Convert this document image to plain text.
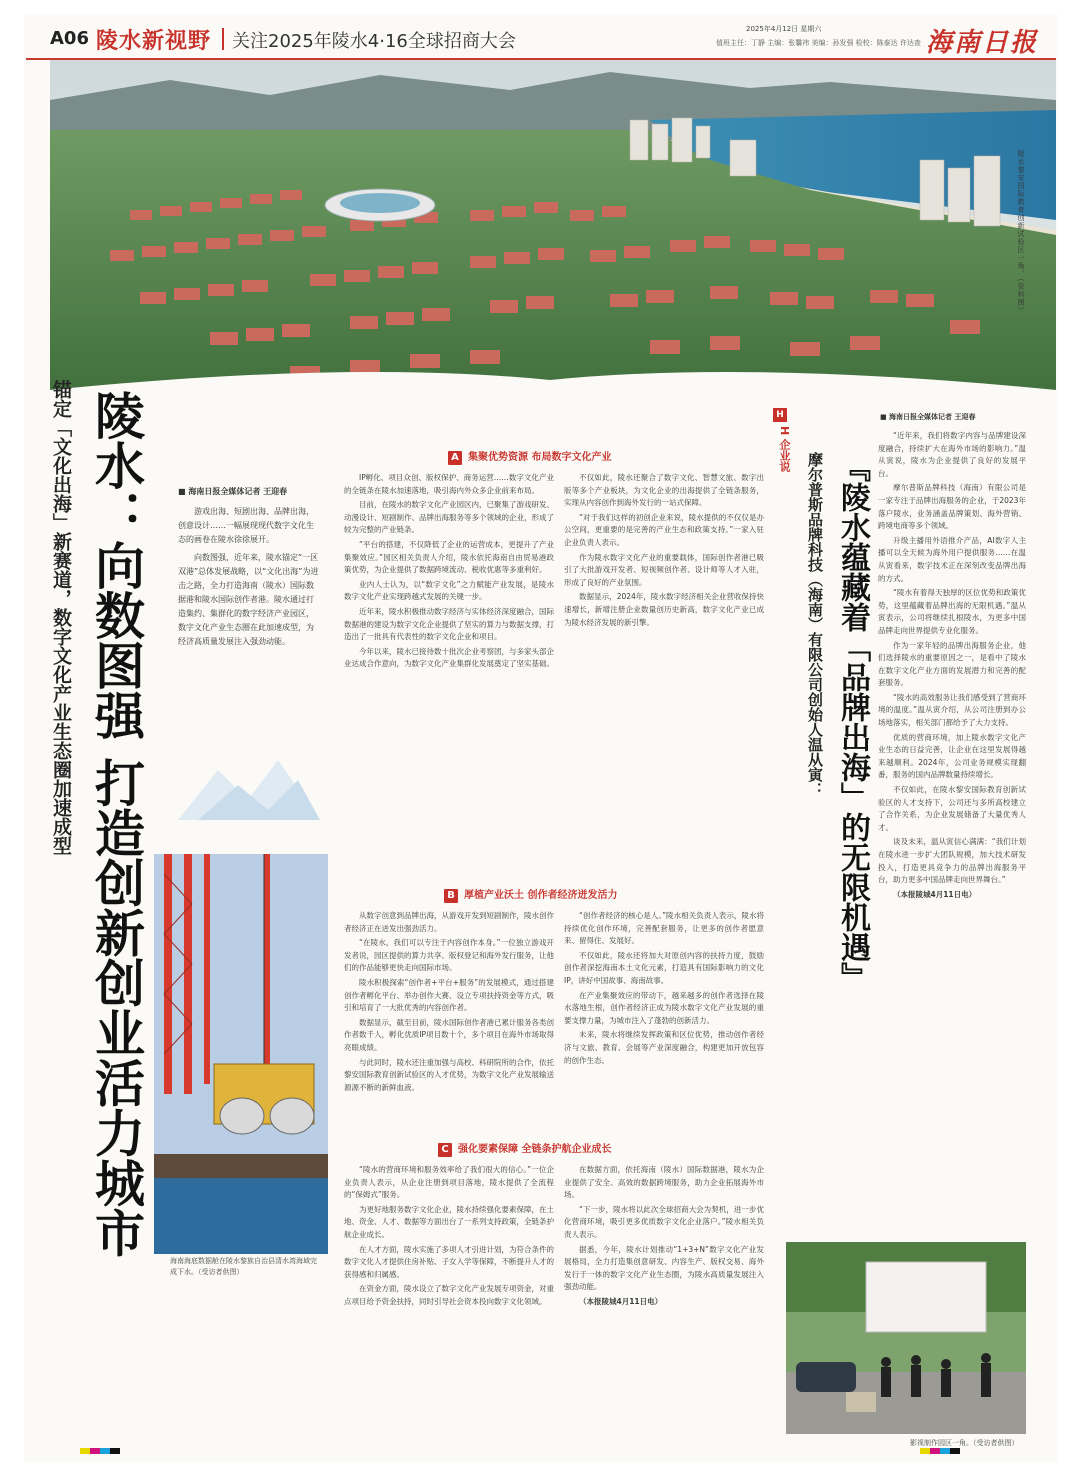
A06 陵水新视野 关注2025年陵水4·16全球招商大会
2025年4月12日 星期六
值班主任：丁静 主编：张馨祎 美编：孙发强 检校：陈泰达 许达查 海南日报
陵水黎安国际教育创新试验区一角。（资料图）
陵水：向数图强 打造创新创业活力城市
锚定「文化出海」新赛道，数字文化产业生态圈加速成型	■ 海南日报全媒体记者 王迎春

游戏出海、短剧出海、品牌出海，创意设计……一幅展现现代数字文化生态的画卷在陵水徐徐展开。

向数图强，近年来，陵水锚定“一区双港”总体发展战略，以“文化出海”为进击之路，全力打造海南（陵水）国际数据港和陵水国际创作者港。陵水通过打造集约、集群化的数字经济产业园区，数字文化产业生态圈在此加速成型，为经济高质量发展注入强劲动能。

海南海底数据舱在陵水黎族自治县清水湾海域完成下水。（受访者供图）
A 集聚优势资源 布局数字文化产业

IP孵化、项目众创、版权保护、商务运营……数字文化产业的全链条在陵水加速落地，吸引海内外众多企业前来布局。

目前，在陵水的数字文化产业园区内，已聚集了游戏研发、动漫设计、短剧制作、品牌出海服务等多个领域的企业，形成了较为完整的产业链条。

“平台的搭建，不仅降低了企业的运营成本，更提升了产业集聚效应。”园区相关负责人介绍，陵水依托海南自由贸易港政策优势，为企业提供了数据跨境流动、税收优惠等多重利好。

业内人士认为，以“数字文化”之力赋能产业发展，是陵水数字文化产业实现跨越式发展的关键一步。

近年来，陵水积极推动数字经济与实体经济深度融合，国际数据港的建设为数字文化企业提供了坚实的算力与数据支撑，打造出了一批具有代表性的数字文化企业和项目。

今年以来，陵水已接待数十批次企业考察团，与多家头部企业达成合作意向，为数字文化产业集群化发展奠定了坚实基础。

不仅如此，陵水还聚合了数字文化、智慧文旅、数字出版等多个产业板块，为文化企业的出海提供了全链条服务，实现从内容创作到海外发行的一站式保障。

“对于我们这样的初创企业来说，陵水提供的不仅仅是办公空间，更重要的是完善的产业生态和政策支持。”一家入驻企业负责人表示。

作为陵水数字文化产业的重要载体，国际创作者港已吸引了大批游戏开发者、短视频创作者、设计师等人才入驻，形成了良好的产业氛围。

数据显示，2024年，陵水数字经济相关企业营收保持快速增长，新增注册企业数量创历史新高，数字文化产业已成为陵水经济发展的新引擎。

B 厚植产业沃土 创作者经济迸发活力

从数字创意到品牌出海，从游戏开发到短剧制作，陵水创作者经济正在迸发出强劲活力。

“在陵水，我们可以专注于内容创作本身。”一位独立游戏开发者说，园区提供的算力共享、版权登记和海外发行服务，让他们的作品能够更快走向国际市场。

陵水积极探索“创作者+平台+服务”的发展模式，通过搭建创作者孵化平台、举办创作大赛、设立专项扶持资金等方式，吸引和培育了一大批优秀的内容创作者。

数据显示，截至目前，陵水国际创作者港已累计服务各类创作者数千人，孵化优质IP项目数十个，多个项目在海外市场取得亮眼成绩。

与此同时，陵水还注重加强与高校、科研院所的合作，依托黎安国际教育创新试验区的人才优势，为数字文化产业发展输送源源不断的新鲜血液。

“创作者经济的核心是人。”陵水相关负责人表示，陵水将持续优化创作环境，完善配套服务，让更多的创作者愿意来、留得住、发展好。

不仅如此，陵水还将加大对原创内容的扶持力度，鼓励创作者深挖海南本土文化元素，打造具有国际影响力的文化IP，讲好中国故事、海南故事。

在产业集聚效应的带动下，越来越多的创作者选择在陵水落地生根，创作者经济正成为陵水数字文化产业发展的重要支撑力量，为城市注入了蓬勃的创新活力。

未来，陵水将继续发挥政策和区位优势，推动创作者经济与文旅、教育、会展等产业深度融合，构建更加开放包容的创作生态。

C 强化要素保障 全链条护航企业成长

“陵水的营商环境和服务效率给了我们很大的信心。”一位企业负责人表示，从企业注册到项目落地，陵水提供了全流程的“保姆式”服务。

为更好地服务数字文化企业，陵水持续强化要素保障，在土地、资金、人才、数据等方面出台了一系列支持政策，全链条护航企业成长。

在人才方面，陵水实施了多项人才引进计划，为符合条件的数字文化人才提供住房补贴、子女入学等保障，不断提升人才的获得感和归属感。

在资金方面，陵水设立了数字文化产业发展专项资金，对重点项目给予资金扶持，同时引导社会资本投向数字文化领域。

在数据方面，依托海南（陵水）国际数据港，陵水为企业提供了安全、高效的数据跨境服务，助力企业拓展海外市场。

“下一步，陵水将以此次全球招商大会为契机，进一步优化营商环境，吸引更多优质数字文化企业落户。”陵水相关负责人表示。

据悉，今年，陵水计划推动“1+3+N”数字文化产业发展格局，全力打造集创意研发、内容生产、版权交易、海外发行于一体的数字文化产业生态圈，为陵水高质量发展注入强劲动能。

（本报陵城4月11日电）

H
H 企业说
『陵水蕴藏着「品牌出海」的无限机遇』
摩尔普斯品牌科技（海南）有限公司创始人温从寅：
■ 海南日报全媒体记者 王迎春

“近年来，我们将数字内容与品牌建设深度融合，持续扩大在海外市场的影响力。”温从寅说，陵水为企业提供了良好的发展平台。

摩尔普斯品牌科技（海南）有限公司是一家专注于品牌出海服务的企业，于2023年落户陵水，业务涵盖品牌策划、海外营销、跨境电商等多个领域。

升级主播用外语推介产品，AI数字人主播可以全天候为海外用户提供服务……在温从寅看来，数字技术正在深刻改变品牌出海的方式。

“陵水有着得天独厚的区位优势和政策优势，这里蕴藏着品牌出海的无限机遇。”温从寅表示，公司将继续扎根陵水，为更多中国品牌走向世界提供专业化服务。

作为一家年轻的品牌出海服务企业，他们选择陵水的重要原因之一，是看中了陵水在数字文化产业方面的发展潜力和完善的配套服务。

“陵水的高效服务让我们感受到了营商环境的温度。”温从寅介绍，从公司注册到办公场地落实，相关部门都给予了大力支持。

优质的营商环境，加上陵水数字文化产业生态的日益完善，让企业在这里发展得越来越顺利。2024年，公司业务规模实现翻番，服务的国内品牌数量持续增长。

不仅如此，在陵水黎安国际教育创新试验区的人才支持下，公司还与多所高校建立了合作关系，为企业发展储备了大量优秀人才。

谈及未来，温从寅信心满满：“我们计划在陵水进一步扩大团队规模，加大技术研发投入，打造更具竞争力的品牌出海服务平台，助力更多中国品牌走向世界舞台。”

（本报陵城4月11日电）

影视制作园区一角。（受访者供图）
